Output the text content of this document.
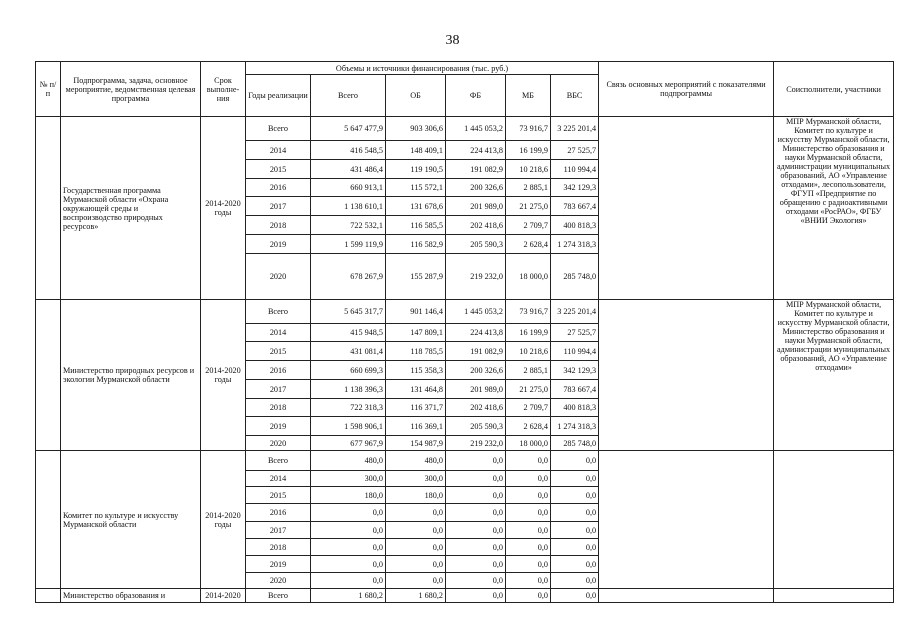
38
№ п/п	Подпрограмма, задача, основное мероприятие, ведомственная целевая программа	Срок выполне-ния	Объемы и источники финансирования (тыс. руб.)						Связь основных мероприятий с показателями подпрограммы	Соисполнители, участники
			Годы реализации	Всего	ОБ	ФБ	МБ	ВБС		
	Государственная программа Мурманской области «Охрана окружающей среды и воспроизводство природных ресурсов»	2014-2020 годы	Всего	5 647 477,9	903 306,6	1 445 053,2	73 916,7	3 225 201,4		МПР Мурманской области, Комитет по культуре и искусству Мурманской области, Министерство образования и науки Мурманской области, администрации муниципальных образований, АО «Управление отходами», лесопользователи, ФГУП «Предприятие по обращению с радиоактивными отходами «РосРАО», ФГБУ «ВНИИ Экология»
			2014	416 548,5	148 409,1	224 413,8	16 199,9	27 525,7		
			2015	431 486,4	119 190,5	191 082,9	10 218,6	110 994,4		
			2016	660 913,1	115 572,1	200 326,6	2 885,1	342 129,3		
			2017	1 138 610,1	131 678,6	201 989,0	21 275,0	783 667,4		
			2018	722 532,1	116 585,5	202 418,6	2 709,7	400 818,3		
			2019	1 599 119,9	116 582,9	205 590,3	2 628,4	1 274 318,3		
			2020	678 267,9	155 287,9	219 232,0	18 000,0	285 748,0		
	Министерство природных ресурсов и экологии Мурманской области	2014-2020 годы	Всего	5 645 317,7	901 146,4	1 445 053,2	73 916,7	3 225 201,4		МПР Мурманской области, Комитет по культуре и искусству Мурманской области, Министерство образования и науки Мурманской области, администрации муниципальных образований, АО «Управление отходами»
			2014	415 948,5	147 809,1	224 413,8	16 199,9	27 525,7		
			2015	431 081,4	118 785,5	191 082,9	10 218,6	110 994,4		
			2016	660 699,3	115 358,3	200 326,6	2 885,1	342 129,3		
			2017	1 138 396,3	131 464,8	201 989,0	21 275,0	783 667,4		
			2018	722 318,3	116 371,7	202 418,6	2 709,7	400 818,3		
			2019	1 598 906,1	116 369,1	205 590,3	2 628,4	1 274 318,3		
			2020	677 967,9	154 987,9	219 232,0	18 000,0	285 748,0		
	Комитет по культуре и искусству Мурманской области	2014-2020 годы	Всего	480,0	480,0	0,0	0,0	0,0		
			2014	300,0	300,0	0,0	0,0	0,0		
			2015	180,0	180,0	0,0	0,0	0,0		
			2016	0,0	0,0	0,0	0,0	0,0		
			2017	0,0	0,0	0,0	0,0	0,0		
			2018	0,0	0,0	0,0	0,0	0,0		
			2019	0,0	0,0	0,0	0,0	0,0		
			2020	0,0	0,0	0,0	0,0	0,0		
	Министерство образования и	2014-2020	Всего	1 680,2	1 680,2	0,0	0,0	0,0		
